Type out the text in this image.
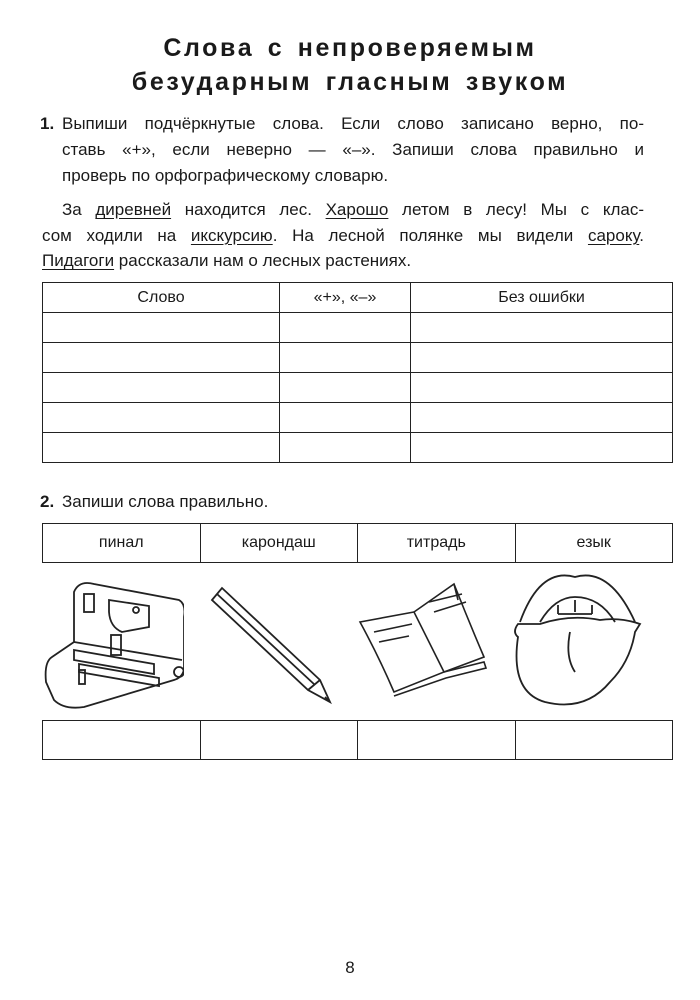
Слова с непроверяемым
безударным гласным звуком
1. Выпиши подчёркнутые слова. Если слово записано верно, по-
ставь «+», если неверно — «–». Запиши слова правильно и
проверь по орфографическому словарю.
За диревней находится лес. Харошо летом в лесу! Мы с клас-
сом ходили на икскурсию. На лесной полянке мы видели сароку.
Пидагоги рассказали нам о лесных растениях.
Слово	«+», «–»	Без ошибки

2. Запиши слова правильно.
пинал	карондаш	титрадь	езык

8
